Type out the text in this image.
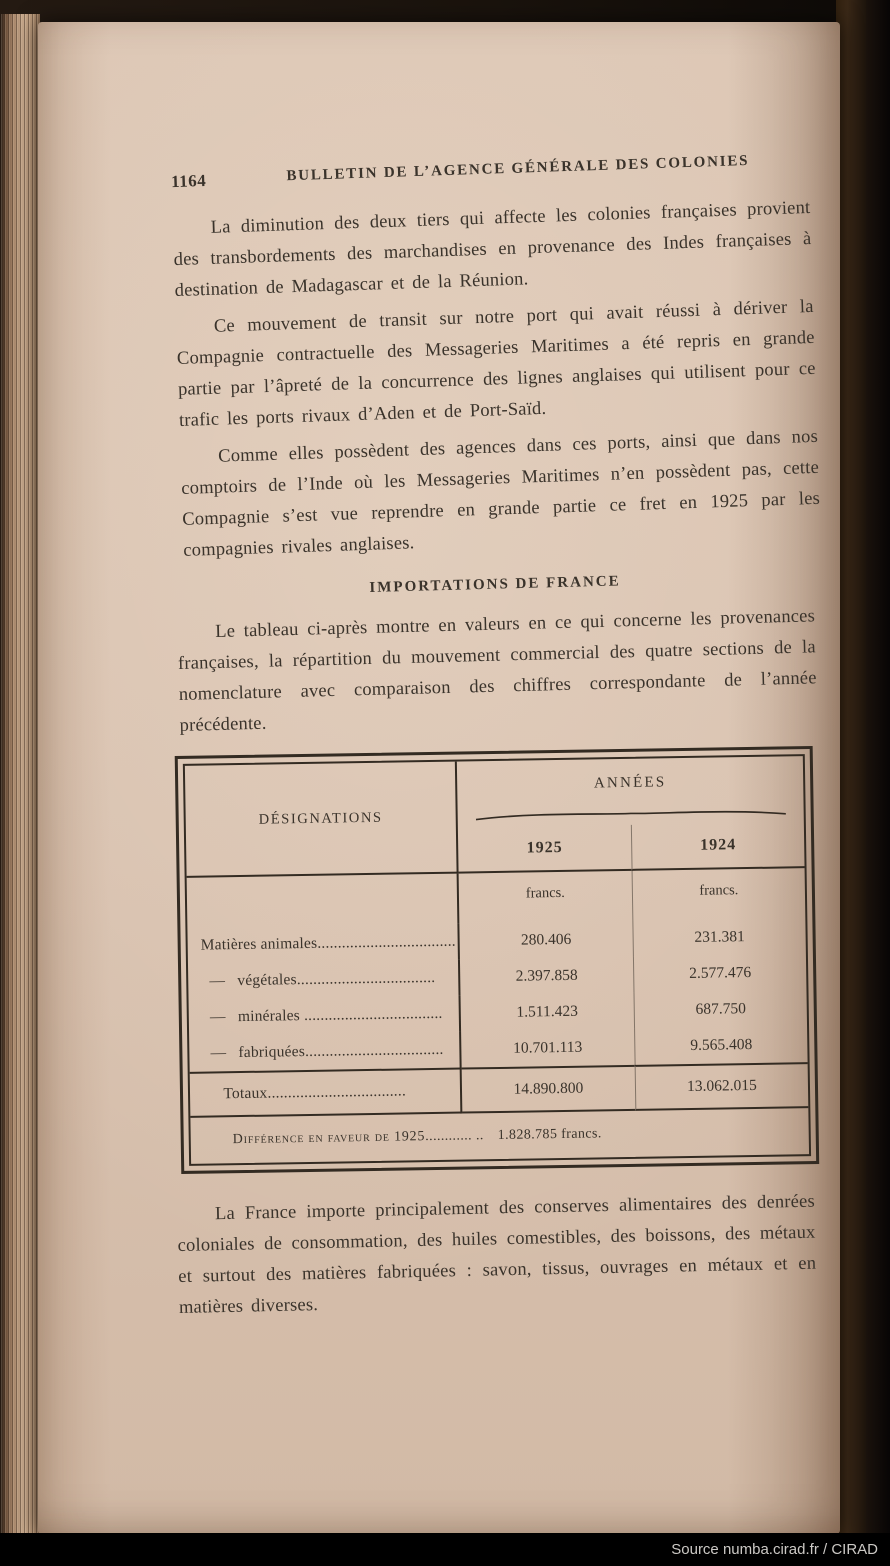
1164	BULLETIN DE L’AGENCE GÉNÉRALE DES COLONIES

La diminution des deux tiers qui affecte les colonies françaises provient des transbordements des marchandises en provenance des Indes françaises à destination de Madagascar et de la Réunion.

Ce mouvement de transit sur notre port qui avait réussi à dériver la Compagnie contractuelle des Messageries Maritimes a été repris en grande partie par l’âpreté de la concurrence des lignes anglaises qui utilisent pour ce trafic les ports rivaux d’Aden et de Port-Saïd.

Comme elles possèdent des agences dans ces ports, ainsi que dans nos comptoirs de l’Inde où les Messageries Maritimes n’en possèdent pas, cette Compagnie s’est vue reprendre en grande partie ce fret en 1925 par les compagnies rivales anglaises.

IMPORTATIONS DE FRANCE

Le tableau ci-après montre en valeurs en ce qui concerne les provenances françaises, la répartition du mouvement commercial des quatre sections de la nomenclature avec comparaison des chiffres correspondante de l’année précédente.

DÉSIGNATIONS
ANNÉES
1925	1924
francs.	francs.
Matières animales..................................	280.406	231.381
—   végétales..................................	2.397.858	2.577.476
—   minérales ..................................	1.511.423	687.750
—   fabriquées..................................	10.701.113	9.565.408
Totaux..................................	14.890.800	13.062.015
Différence en faveur de 1925 ............ .. 1.828.785 francs.

La France importe principalement des conserves alimentaires des denrées coloniales de consommation, des huiles comestibles, des boissons, des métaux et surtout des matières fabriquées : savon, tissus, ouvrages en métaux et en matières diverses.

Source numba.cirad.fr / CIRAD
